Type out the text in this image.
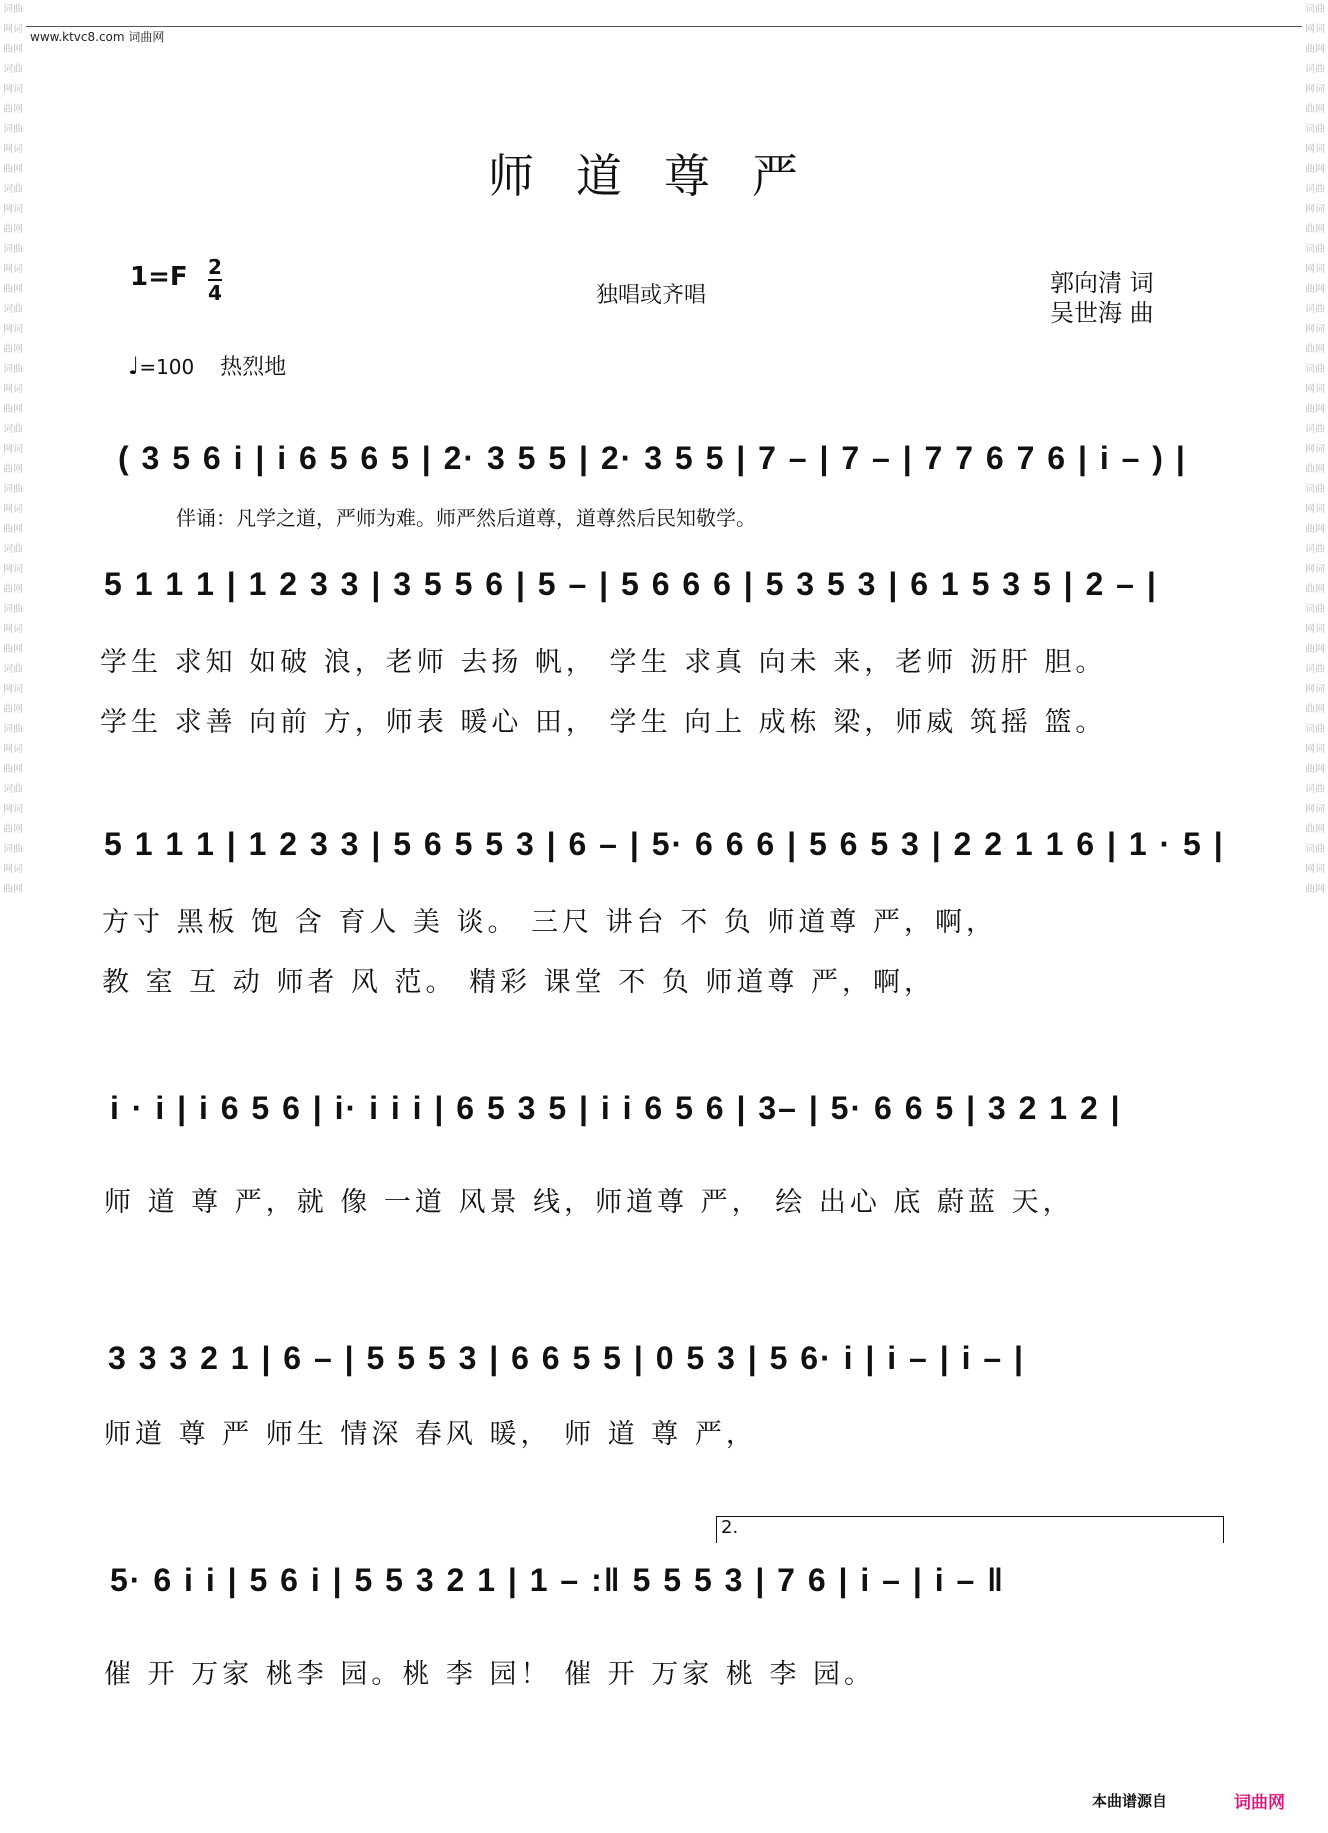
词曲网词曲网词曲网词曲网词曲网词曲网词曲网词曲网词曲网词曲网词曲网词曲网词曲网词曲网词曲网词曲网词曲网词曲网词曲网词曲网词曲网词曲网词曲网词曲网词曲网词曲网词曲网词曲网词曲网词曲网
词曲网词曲网词曲网词曲网词曲网词曲网词曲网词曲网词曲网词曲网词曲网词曲网词曲网词曲网词曲网词曲网词曲网词曲网词曲网词曲网词曲网词曲网词曲网词曲网词曲网词曲网词曲网词曲网词曲网词曲网
www.ktvc8.com 词曲网
师道尊严
1=F 2
4	独唱或齐唱	郭向清 词
吴世海 曲
♩=100 热烈地
( 3 5 6 i | i 6 5 6 5 | 2· 3 5 5 | 2· 3 5 5 | 7 – | 7 – | 7 7 6 7 6 | i – ) |
伴诵：凡学之道，严师为难。师严然后道尊，道尊然后民知敬学。
5 1 1 1 | 1 2 3 3 | 3 5 5 6 | 5 – | 5 6 6 6 | 5 3 5 3 | 6 1 5 3 5 | 2 – |
学生 求知 如破 浪，老师 去扬 帆， 学生 求真 向未 来，老师 沥肝 胆。
学生 求善 向前 方，师表 暖心 田， 学生 向上 成栋 梁，师威 筑摇 篮。
5 1 1 1 | 1 2 3 3 | 5 6 5 5 3 | 6 – | 5· 6 6 6 | 5 6 5 3 | 2 2 1 1 6 | 1 · 5 |
方寸 黑板 饱 含 育人 美 谈。 三尺 讲台 不 负 师道尊 严，啊，
教 室 互 动 师者 风 范。 精彩 课堂 不 负 师道尊 严，啊，
i · i | i 6 5 6 | i· i i i | 6 5 3 5 | i i 6 5 6 | 3– | 5· 6 6 5 | 3 2 1 2 |
师 道 尊 严，就 像 一道 风景 线，师道尊 严， 绘 出心 底 蔚蓝 天，
3 3 3 2 1 | 6 – | 5 5 5 3 | 6 6 5 5 | 0 5 3 | 5 6· i | i – | i – |
师道 尊 严 师生 情深 春风 暖， 师 道 尊 严，
2.
5· 6 i i | 5 6 i | 5 5 3 2 1 | 1 – :‖ 5 5 5 3 | 7 6 | i – | i – ‖
催 开 万家 桃李 园。桃 李 园！ 催 开 万家 桃 李 园。
本曲谱源自	词曲网
